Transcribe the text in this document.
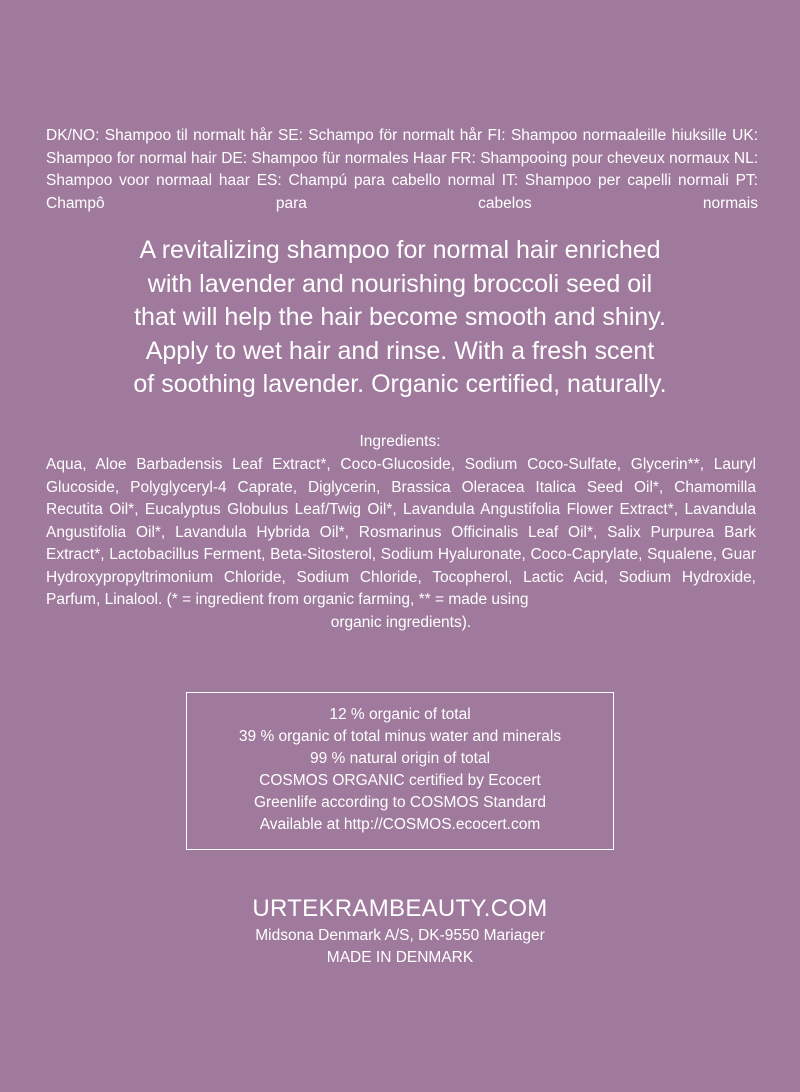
DK/NO: Shampoo til normalt hår SE: Schampo för normalt hår FI: Shampoo normaaleille hiuksille UK: Shampoo for normal hair DE: Shampoo für normales Haar FR: Shampooing pour cheveux normaux NL: Shampoo voor normaal haar ES: Champú para cabello normal IT: Shampoo per capelli normali PT: Champô para cabelos normais

A revitalizing shampoo for normal hair enriched
with lavender and nourishing broccoli seed oil
that will help the hair become smooth and shiny.
Apply to wet hair and rinse. With a fresh scent
of soothing lavender. Organic certified, naturally.
Ingredients:
Aqua, Aloe Barbadensis Leaf Extract*, Coco-Glucoside, Sodium Coco-Sulfate, Glycerin**, Lauryl Glucoside, Polyglyceryl-4 Caprate, Diglycerin, Brassica Oleracea Italica Seed Oil*, Chamomilla Recutita Oil*, Eucalyptus Globulus Leaf/Twig Oil*, Lavandula Angustifolia Flower Extract*, Lavandula Angustifolia Oil*, Lavandula Hybrida Oil*, Rosmarinus Officinalis Leaf Oil*, Salix Purpurea Bark Extract*, Lactobacillus Ferment, Beta-Sitosterol, Sodium Hyaluronate, Coco-Caprylate, Squalene, Guar Hydroxypropyltrimonium Chloride, Sodium Chloride, Tocopherol, Lactic Acid, Sodium Hydroxide, Parfum, Linalool. (* = ingredient from organic farming, ** = made using
organic ingredients).
12 % organic of total
39 % organic of total minus water and minerals
99 % natural origin of total
COSMOS ORGANIC certified by Ecocert
Greenlife according to COSMOS Standard
Available at http://COSMOS.ecocert.com
URTEKRAMBEAUTY.COM
Midsona Denmark A/S, DK-9550 Mariager
MADE IN DENMARK
